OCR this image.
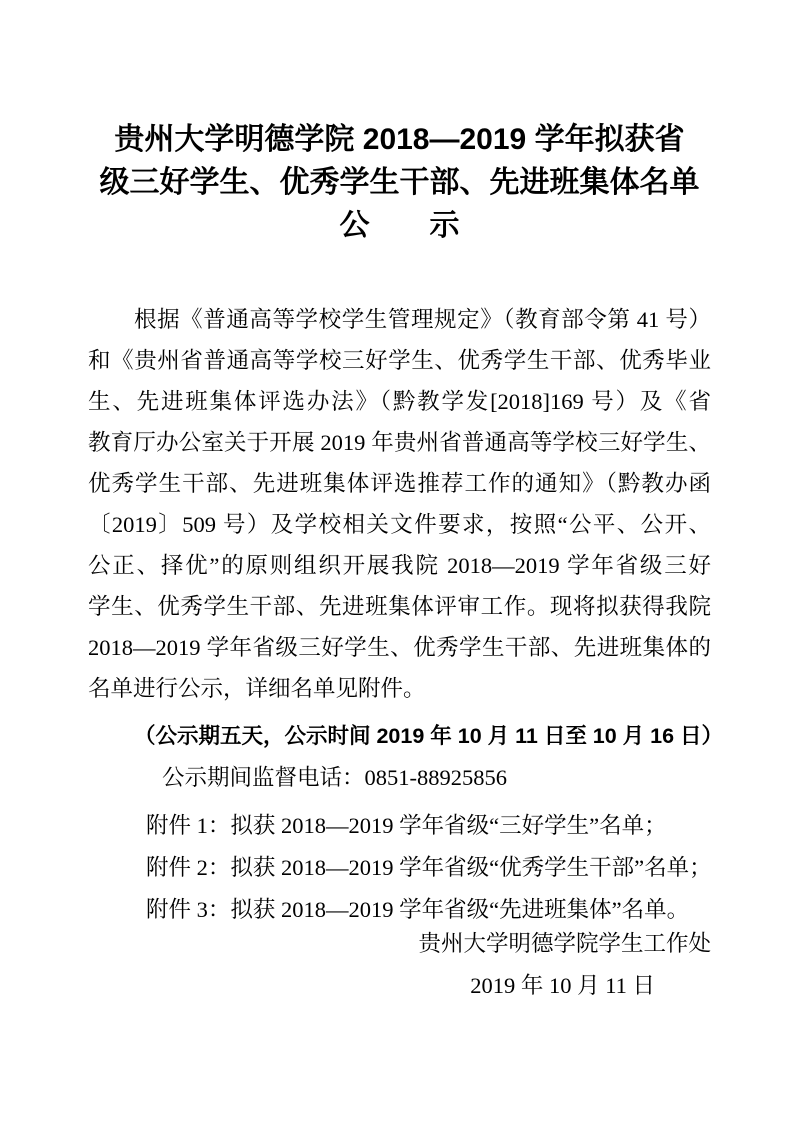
贵州大学明德学院 2018—2019 学年拟获省
级三好学生、优秀学生干部、先进班集体名单
公　　示
根据《普通高等学校学生管理规定》（教育部令第 41 号）
和《贵州省普通高等学校三好学生、优秀学生干部、优秀毕业
生、先进班集体评选办法》（黔教学发[2018]169 号）及《省
教育厅办公室关于开展 2019 年贵州省普通高等学校三好学生、
优秀学生干部、先进班集体评选推荐工作的通知》（黔教办函
〔2019〕509 号）及学校相关文件要求，按照“公平、公开、
公正、择优”的原则组织开展我院 2018—2019 学年省级三好
学生、优秀学生干部、先进班集体评审工作。现将拟获得我院
2018—2019 学年省级三好学生、优秀学生干部、先进班集体的
名单进行公示，详细名单见附件。
（公示期五天，公示时间 2019 年 10 月 11 日至 10 月 16 日）
公示期间监督电话：0851-88925856
附件 1：拟获 2018—2019 学年省级“三好学生”名单；
附件 2：拟获 2018—2019 学年省级“优秀学生干部”名单；
附件 3：拟获 2018—2019 学年省级“先进班集体”名单。
贵州大学明德学院学生工作处
2019 年 10 月 11 日
